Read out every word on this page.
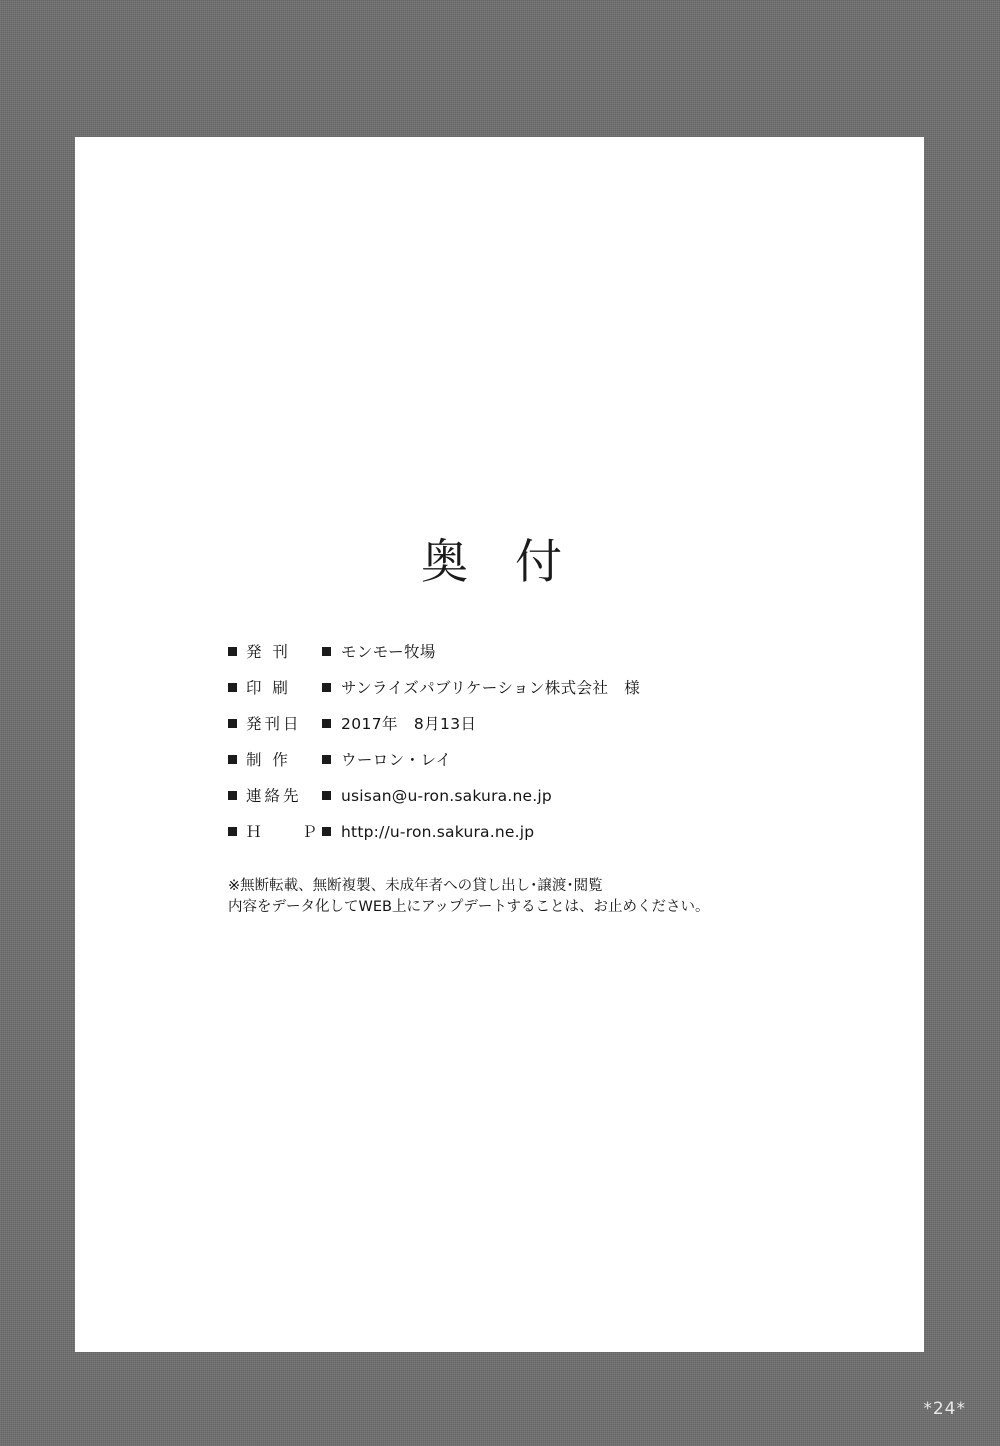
奥 付
発 刊	モンモー牧場
印 刷	サンライズパブリケーション株式会社　様
発刊日	2017年　8月13日
制 作	ウーロン・レイ
連絡先	usisan@u-ron.sakura.ne.jp
Ｈ　　Ｐ http://u-ron.sakura.ne.jp
※無断転載、無断複製、未成年者への貸し出し･譲渡･閲覧
内容をデータ化してWEB上にアップデートすることは、お止めください。
*24*
